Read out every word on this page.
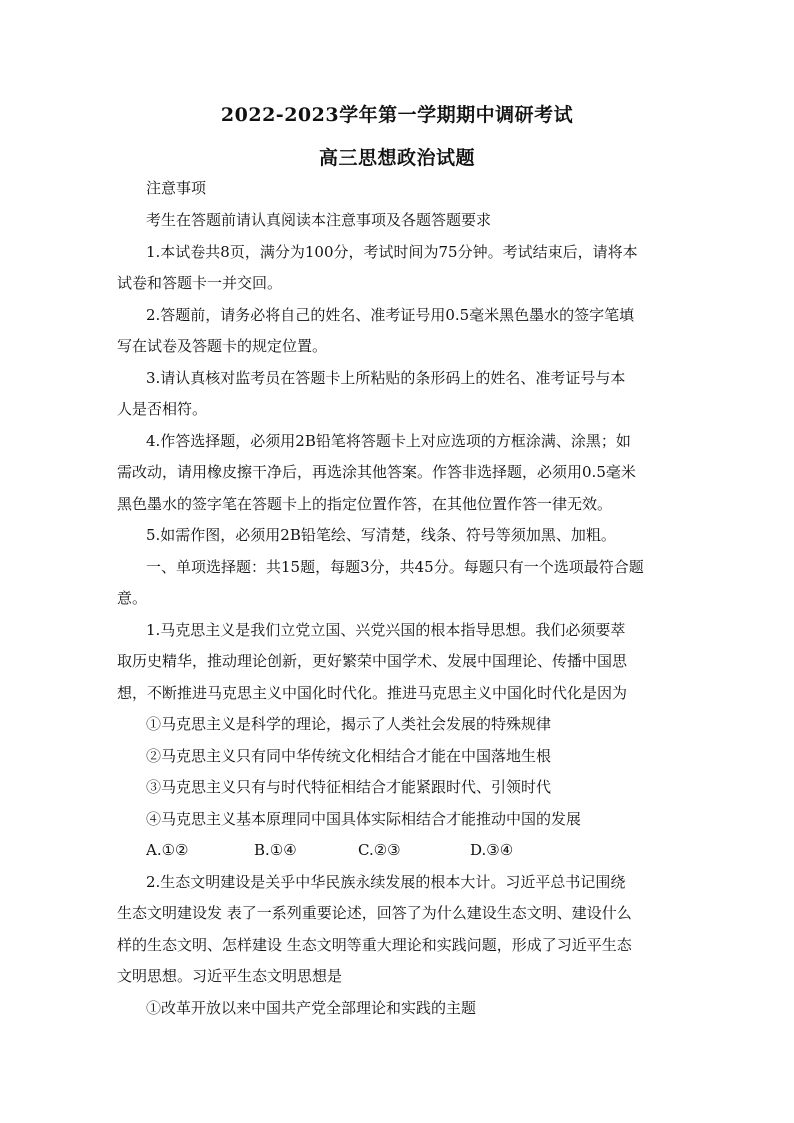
2022-2023学年第一学期期中调研考试
高三思想政治试题
注意事项
考生在答题前请认真阅读本注意事项及各题答题要求
1.本试卷共8页，满分为100分，考试时间为75分钟。考试结束后，请将本
试卷和答题卡一并交回。
2.答题前，请务必将自己的姓名、准考证号用0.5毫米黑色墨水的签字笔填
写在试卷及答题卡的规定位置。
3.请认真核对监考员在答题卡上所粘贴的条形码上的姓名、准考证号与本
人是否相符。
4.作答选择题，必须用2B铅笔将答题卡上对应选项的方框涂满、涂黑；如
需改动，请用橡皮擦干净后，再选涂其他答案。作答非选择题，必须用0.5毫米
黑色墨水的签字笔在答题卡上的指定位置作答，在其他位置作答一律无效。
5.如需作图，必须用2B铅笔绘、写清楚，线条、符号等须加黑、加粗。
一、单项选择题：共15题，每题3分，共45分。每题只有一个选项最符合题
意。
1.马克思主义是我们立党立国、兴党兴国的根本指导思想。我们必须要萃
取历史精华，推动理论创新，更好繁荣中国学术、发展中国理论、传播中国思
想，不断推进马克思主义中国化时代化。推进马克思主义中国化时代化是因为
①马克思主义是科学的理论，揭示了人类社会发展的特殊规律
②马克思主义只有同中华传统文化相结合才能在中国落地生根
③马克思主义只有与时代特征相结合才能紧跟时代、引领时代
④马克思主义基本原理同中国具体实际相结合才能推动中国的发展
A.①②	B.①④	C.②③	D.③④
2.生态文明建设是关乎中华民族永续发展的根本大计。习近平总书记围绕
生态文明建设发 表了一系列重要论述，回答了为什么建设生态文明、建设什么
样的生态文明、怎样建设 生态文明等重大理论和实践问题，形成了习近平生态
文明思想。习近平生态文明思想是
①改革开放以来中国共产党全部理论和实践的主题
